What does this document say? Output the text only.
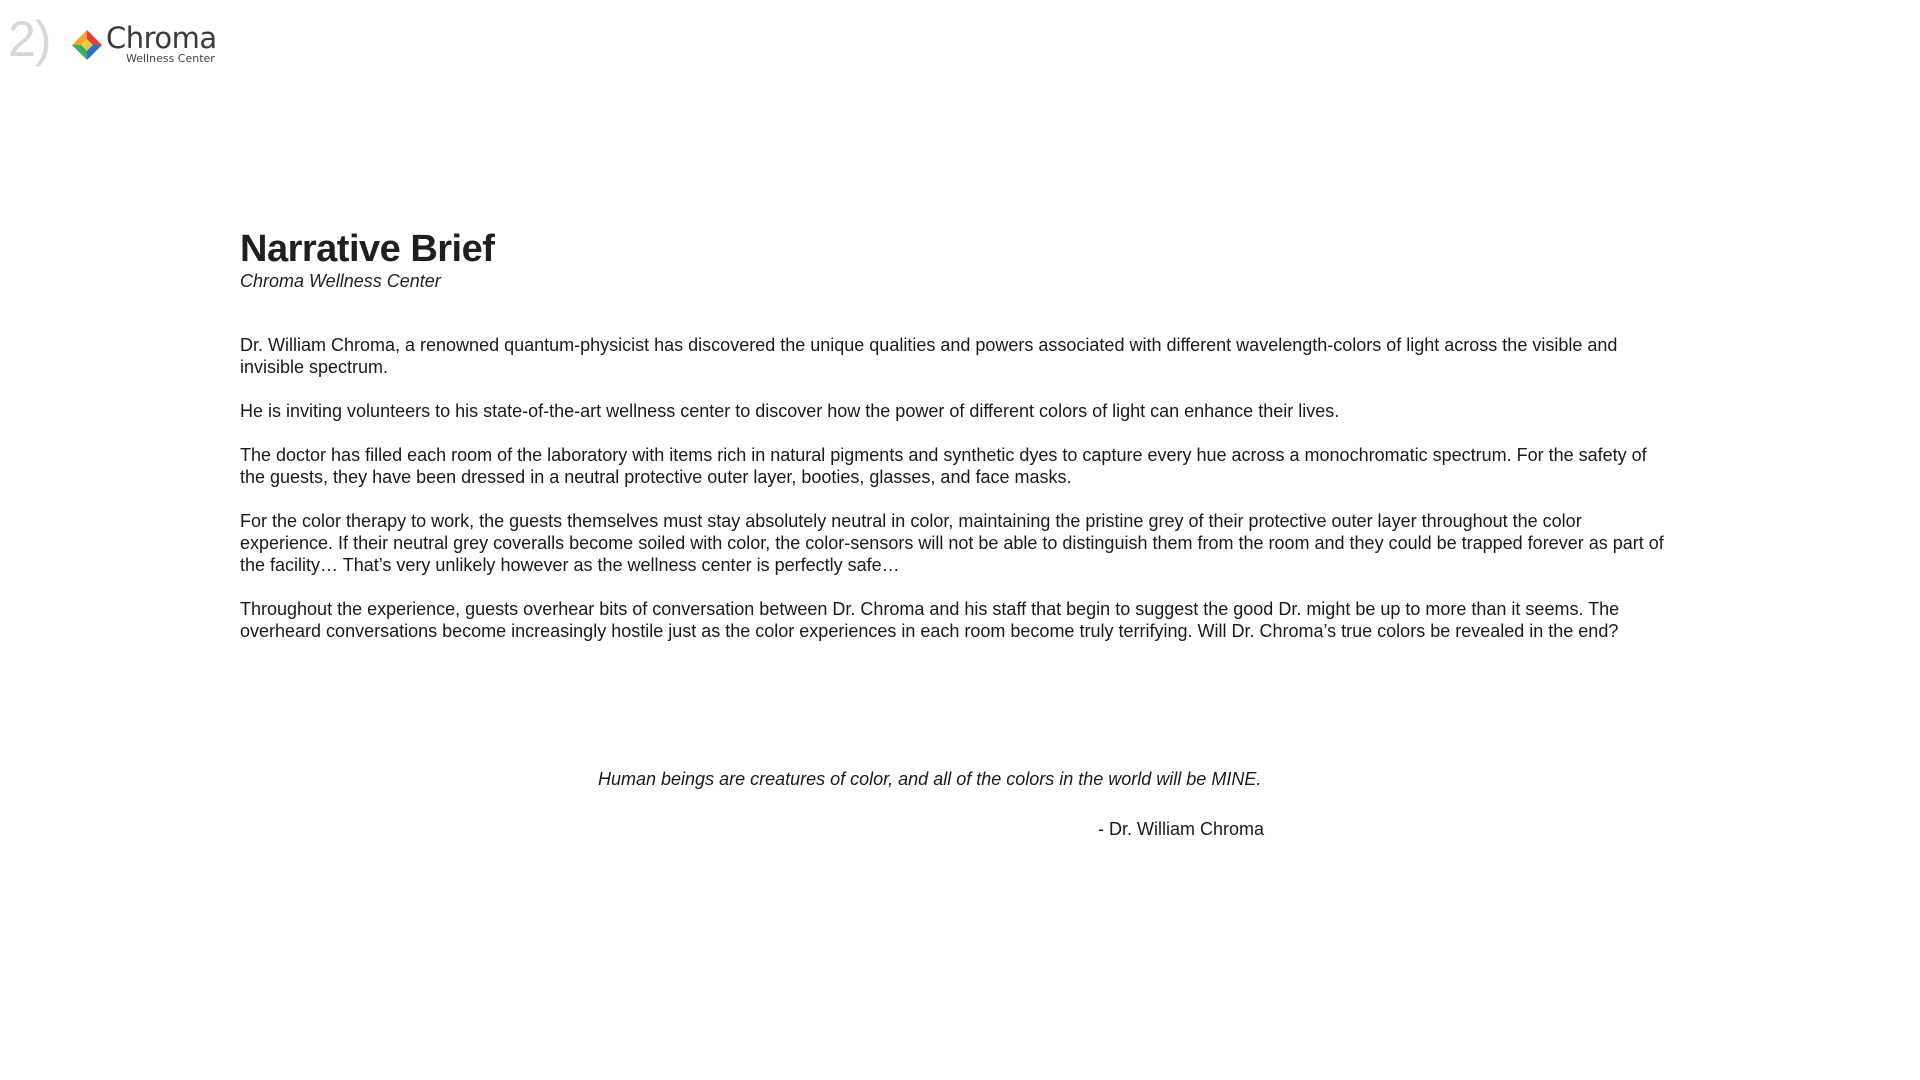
2) Chroma
Wellness Center
Narrative Brief
Chroma Wellness Center

Dr. William Chroma, a renowned quantum-physicist has discovered the unique qualities and powers associated with different wavelength-colors of light across the visible and invisible spectrum.

He is inviting volunteers to his state-of-the-art wellness center to discover how the power of different colors of light can enhance their lives.

The doctor has filled each room of the laboratory with items rich in natural pigments and synthetic dyes to capture every hue across a monochromatic spectrum. For the safety of the guests, they have been dressed in a neutral protective outer layer, booties, glasses, and face masks.

For the color therapy to work, the guests themselves must stay absolutely neutral in color, maintaining the pristine grey of their protective outer layer throughout the color experience. If their neutral grey coveralls become soiled with color, the color-sensors will not be able to distinguish them from the room and they could be trapped forever as part of the facility… That’s very unlikely however as the wellness center is perfectly safe…

Throughout the experience, guests overhear bits of conversation between Dr. Chroma and his staff that begin to suggest the good Dr. might be up to more than it seems. The overheard conversations become increasingly hostile just as the color experiences in each room become truly terrifying. Will Dr. Chroma’s true colors be revealed in the end?

Human beings are creatures of color, and all of the colors in the world will be MINE.
- Dr. William Chroma
